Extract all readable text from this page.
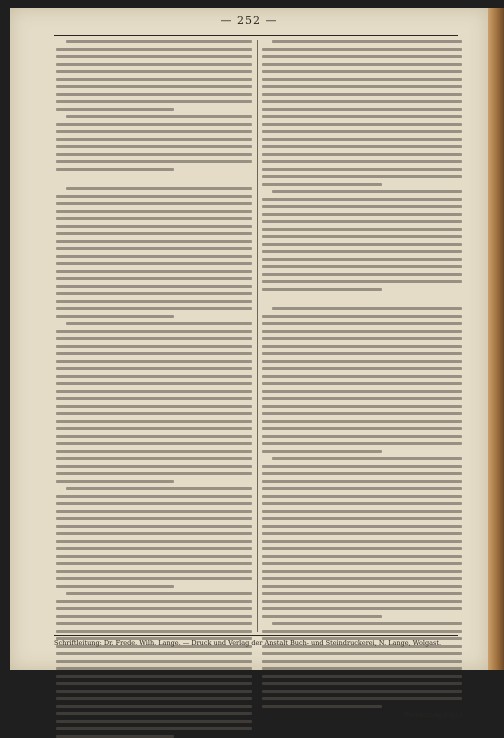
— 252 —
(Fortsetzung folgt.)
Schriftleitung: Dr. Frede. Wilh. Lange. — Druck und Verlag der Anstalt Buch- und Steindruckerei, N. Lange, Wolgast.
